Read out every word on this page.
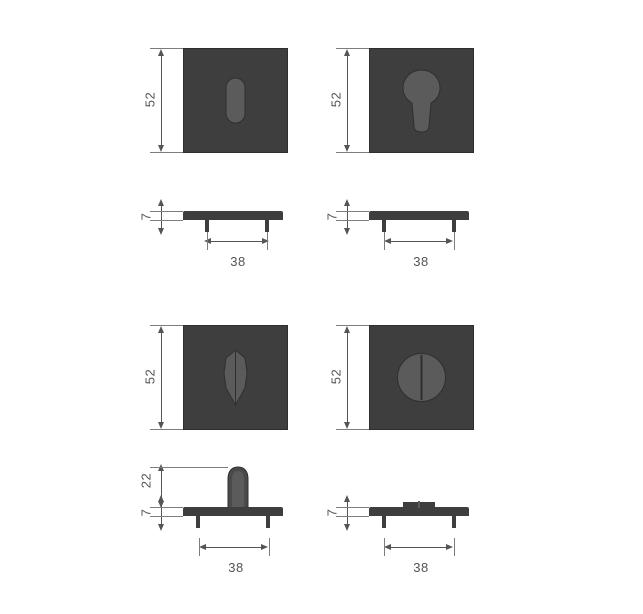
52
7
38
52
7
38
52
22
7
38
52
7
38
